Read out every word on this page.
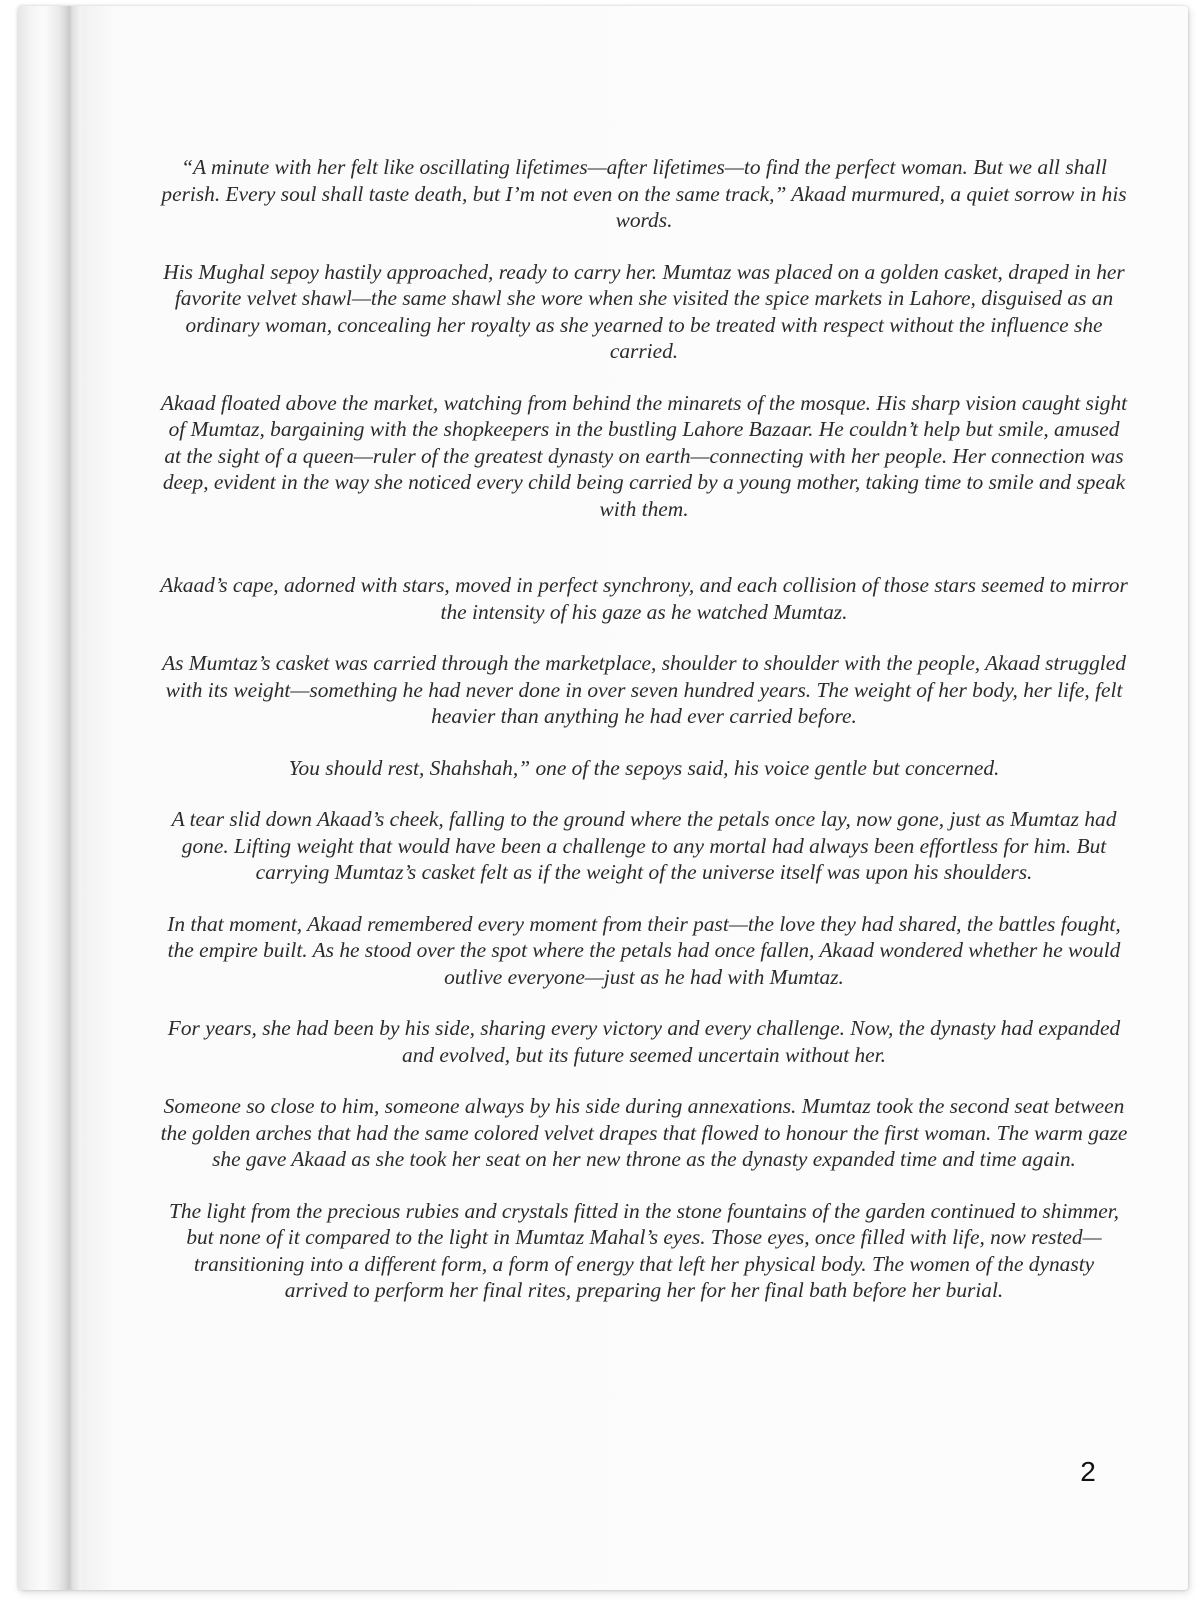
“A minute with her felt like oscillating lifetimes—after lifetimes—to find the perfect woman. But we all shall perish. Every soul shall taste death, but I’m not even on the same track,” Akaad murmured, a quiet sorrow in his words.

His Mughal sepoy hastily approached, ready to carry her. Mumtaz was placed on a golden casket, draped in her favorite velvet shawl—the same shawl she wore when she visited the spice markets in Lahore, disguised as an ordinary woman, concealing her royalty as she yearned to be treated with respect without the influence she carried.

Akaad floated above the market, watching from behind the minarets of the mosque. His sharp vision caught sight of Mumtaz, bargaining with the shopkeepers in the bustling Lahore Bazaar. He couldn’t help but smile, amused at the sight of a queen—ruler of the greatest dynasty on earth—connecting with her people. Her connection was deep, evident in the way she noticed every child being carried by a young mother, taking time to smile and speak with them.

Akaad’s cape, adorned with stars, moved in perfect synchrony, and each collision of those stars seemed to mirror the intensity of his gaze as he watched Mumtaz.

As Mumtaz’s casket was carried through the marketplace, shoulder to shoulder with the people, Akaad struggled with its weight—something he had never done in over seven hundred years. The weight of her body, her life, felt heavier than anything he had ever carried before.

You should rest, Shahshah,” one of the sepoys said, his voice gentle but concerned.

A tear slid down Akaad’s cheek, falling to the ground where the petals once lay, now gone, just as Mumtaz had gone. Lifting weight that would have been a challenge to any mortal had always been effortless for him. But carrying Mumtaz’s casket felt as if the weight of the universe itself was upon his shoulders.

In that moment, Akaad remembered every moment from their past—the love they had shared, the battles fought, the empire built. As he stood over the spot where the petals had once fallen, Akaad wondered whether he would outlive everyone—just as he had with Mumtaz.

For years, she had been by his side, sharing every victory and every challenge. Now, the dynasty had expanded and evolved, but its future seemed uncertain without her.

Someone so close to him, someone always by his side during annexations. Mumtaz took the second seat between the golden arches that had the same colored velvet drapes that flowed to honour the first woman. The warm gaze she gave Akaad as she took her seat on her new throne as the dynasty expanded time and time again.

The light from the precious rubies and crystals fitted in the stone fountains of the garden continued to shimmer, but none of it compared to the light in Mumtaz Mahal’s eyes. Those eyes, once filled with life, now rested—transitioning into a different form, a form of energy that left her physical body. The women of the dynasty arrived to perform her final rites, preparing her for her final bath before her burial.

2
